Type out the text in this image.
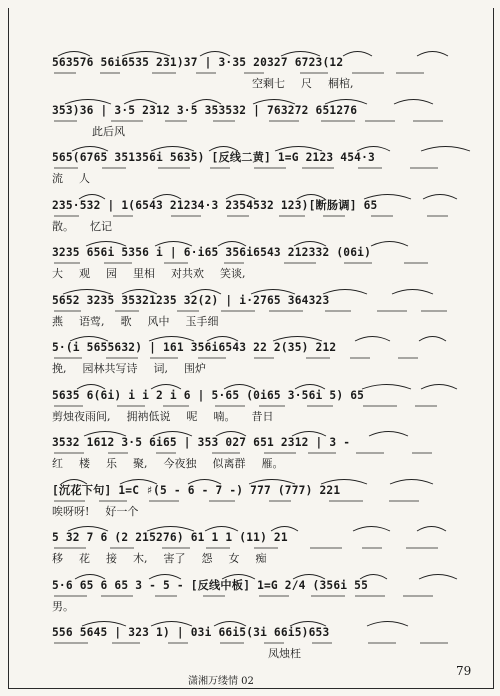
563576 56i6535 231)37 | 3·35 20327 6723(12
空剩七 尺 桐棺,
353)36 | 3·5 2312 3·5 353532 | 763272 651276
此后风
565(6765 351356i 5635) [反线二黄] 1=G 2123 454·3
流 人
235·532 | 1(6543 21234·3 2354532 123)[断肠调] 65
散。 忆记
3235 656i 5356 i | 6·i65 356i6543 212332 (06i)
大 观 园 里相 对共欢 笑谈,
5652 3235 35321235 32(2) | i·2765 364323
燕 语莺, 歌 风中 玉手细
5·(i 5655632) | 161 356i6543 22 2(35) 212
挽, 园林共写诗 词, 围炉
5635 6(6i) i i 2 i 6 | 5·65 (0i65 3·56i 5) 65
剪烛夜雨间, 拥衲低说 呢 喃。 昔日
3532 1612 3·5 6i65 | 353 027 651 2312 | 3 -
红 楼 乐 聚, 今夜独 似离群 雁。
[沉花下句] 1=C ♯(5 - 6 - 7 -) 777 (777) 221
唉呀呀! 好一个
5 32 7 6 (2 215276) 61 1 1 (11) 21
移 花 接 木, 害了 怨 女 痴
5·6 65 6 65 3 - 5 - [反线中板] 1=G 2/4 (356i 55
男。
556 5645 | 323 1) | 03i 66i5(3i 66i5)653
凤烛枉
潇湘万缕情 02
79
